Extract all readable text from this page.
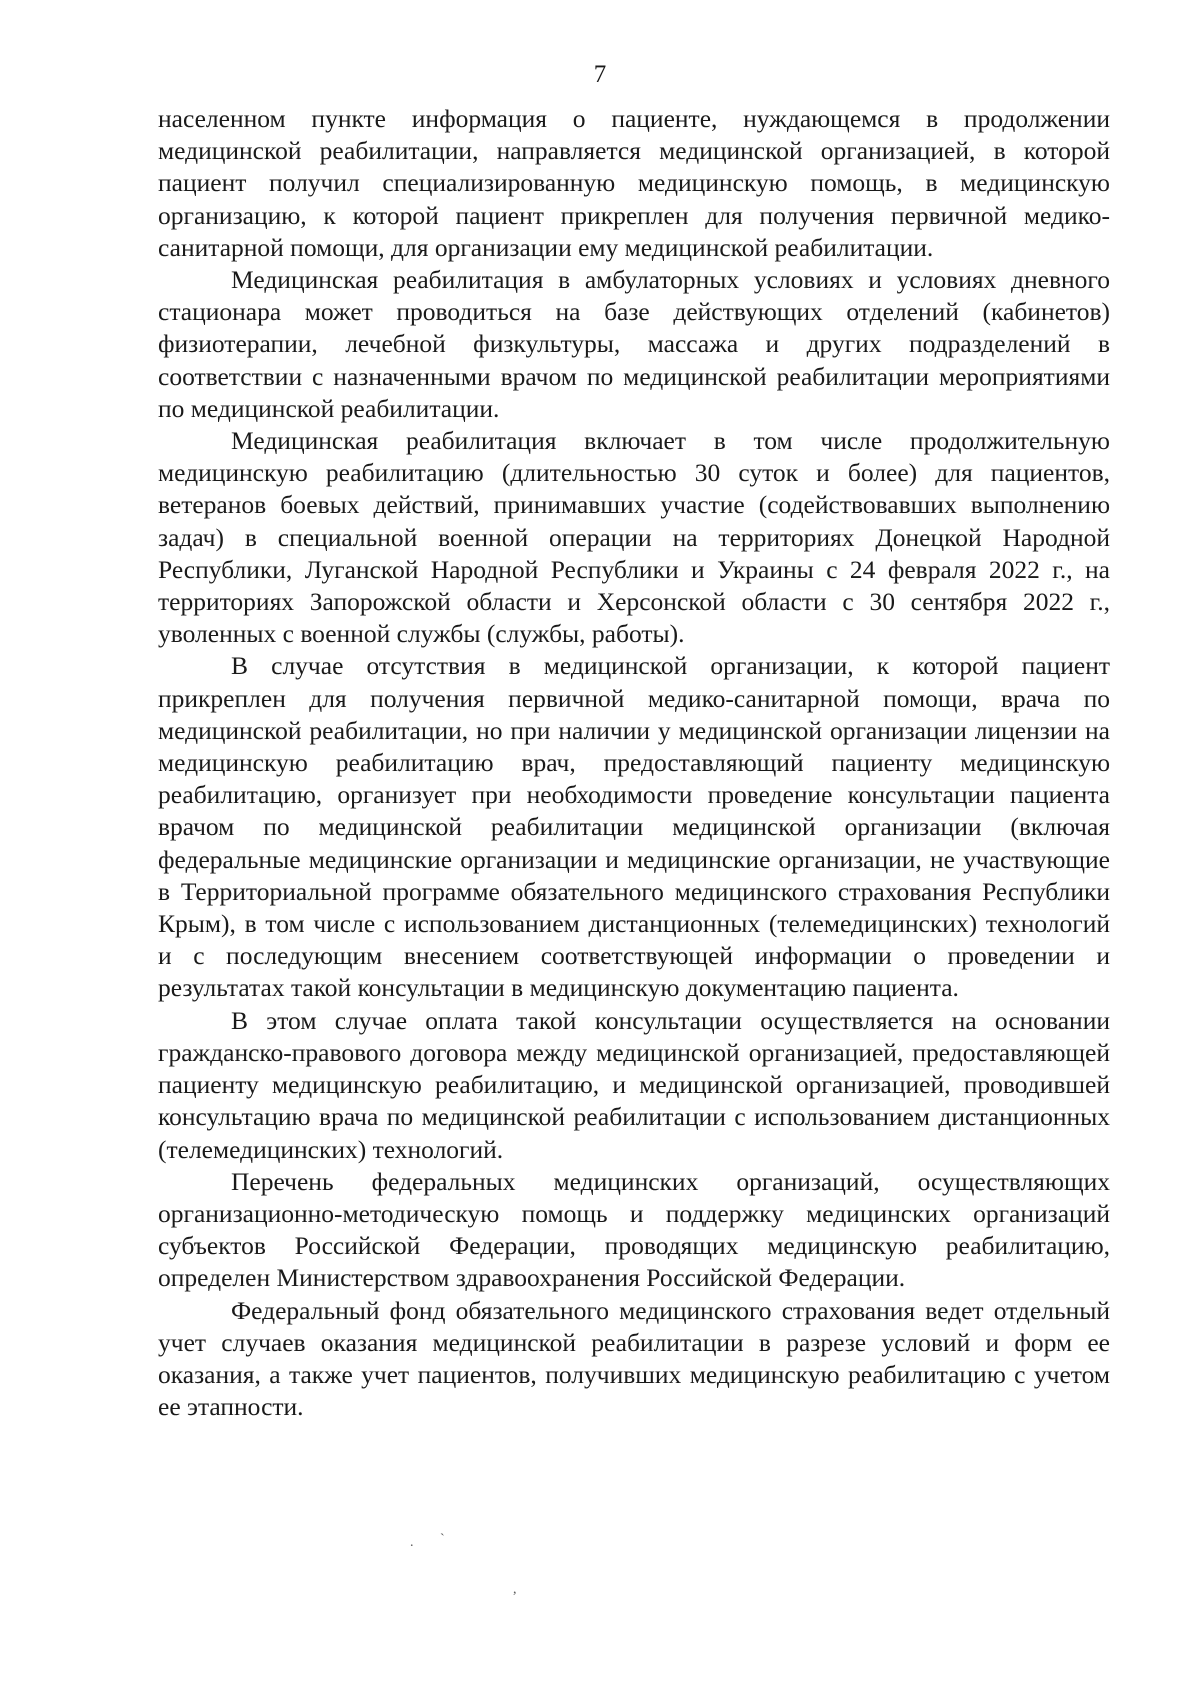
7

населенном пункте информация о пациенте, нуждающемся в продолжении медицинской реабилитации, направляется медицинской организацией, в которой пациент получил специализированную медицинскую помощь, в медицинскую организацию, к которой пациент прикреплен для получения первичной медико-санитарной помощи, для организации ему медицинской реабилитации.

Медицинская реабилитация в амбулаторных условиях и условиях дневного стационара может проводиться на базе действующих отделений (кабинетов) физиотерапии, лечебной физкультуры, массажа и других подразделений в соответствии с назначенными врачом по медицинской реабилитации мероприятиями по медицинской реабилитации.

Медицинская реабилитация включает в том числе продолжительную медицинскую реабилитацию (длительностью 30 суток и более) для пациентов, ветеранов боевых действий, принимавших участие (содействовавших выполнению задач) в специальной военной операции на территориях Донецкой Народной Республики, Луганской Народной Республики и Украины с 24 февраля 2022 г., на территориях Запорожской области и Херсонской области с 30 сентября 2022 г., уволенных с военной службы (службы, работы).

В случае отсутствия в медицинской организации, к которой пациент прикреплен для получения первичной медико-санитарной помощи, врача по медицинской реабилитации, но при наличии у медицинской организации лицензии на медицинскую реабилитацию врач, предоставляющий пациенту медицинскую реабилитацию, организует при необходимости проведение консультации пациента врачом по медицинской реабилитации медицинской организации (включая федеральные медицинские организации и медицинские организации, не участвующие в Территориальной программе обязательного медицинского страхования Республики Крым), в том числе с использованием дистанционных (телемедицинских) технологий и с последующим внесением соответствующей информации о проведении и результатах такой консультации в медицинскую документацию пациента.

В этом случае оплата такой консультации осуществляется на основании гражданско-правового договора между медицинской организацией, предоставляющей пациенту медицинскую реабилитацию, и медицинской организацией, проводившей консультацию врача по медицинской реабилитации с использованием дистанционных (телемедицинских) технологий.

Перечень федеральных медицинских организаций, осуществляющих организационно-методическую помощь и поддержку медицинских организаций субъектов Российской Федерации, проводящих медицинскую реабилитацию, определен Министерством здравоохранения Российской Федерации.

Федеральный фонд обязательного медицинского страхования ведет отдельный учет случаев оказания медицинской реабилитации в разрезе условий и форм ее оказания, а также учет пациентов, получивших медицинскую реабилитацию с учетом ее этапности.

. `
,
